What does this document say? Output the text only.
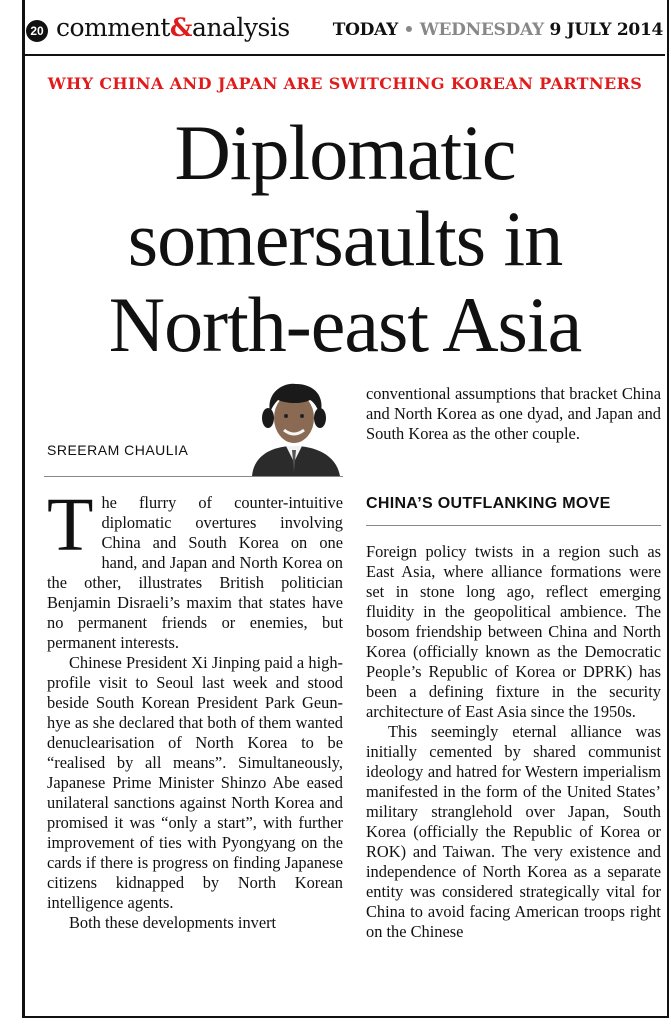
20 comment&analysis	TODAY • WEDNESDAY 9 JULY 2014
WHY CHINA AND JAPAN ARE SWITCHING KOREAN PARTNERS
Diplomatic
somersaults in
North-east Asia
SREERAM CHAULIA

The flurry of counter-intuitive diplomatic overtures involving China and South Korea on one hand, and Japan and North Korea on the other, illustrates British politician Benjamin Disraeli’s maxim that states have no permanent friends or enemies, but permanent interests.

Chinese President Xi Jinping paid a high-profile visit to Seoul last week and stood beside South Korean President Park Geun-hye as she declared that both of them wanted denuclearisation of North Korea to be “realised by all means”. Simultaneously, Japanese Prime Minister Shinzo Abe eased unilateral sanctions against North Korea and promised it was “only a start”, with further improvement of ties with Pyongyang on the cards if there is progress on finding Japanese citizens kidnapped by North Korean intelligence agents.

Both these developments invert

conventional assumptions that bracket China and North Korea as one dyad, and Japan and South Korea as the other couple.

CHINA’S OUTFLANKING MOVE

Foreign policy twists in a region such as East Asia, where alliance formations were set in stone long ago, reflect emerging fluidity in the geopolitical ambience. The bosom friendship between China and North Korea (officially known as the Democratic People’s Republic of Korea or DPRK) has been a defining fixture in the security architecture of East Asia since the 1950s.

This seemingly eternal alliance was initially cemented by shared communist ideology and hatred for Western imperialism manifested in the form of the United States’ military stranglehold over Japan, South Korea (officially the Republic of Korea or ROK) and Taiwan. The very existence and independence of North Korea as a separate entity was considered strategically vital for China to avoid facing American troops right on the Chinese
